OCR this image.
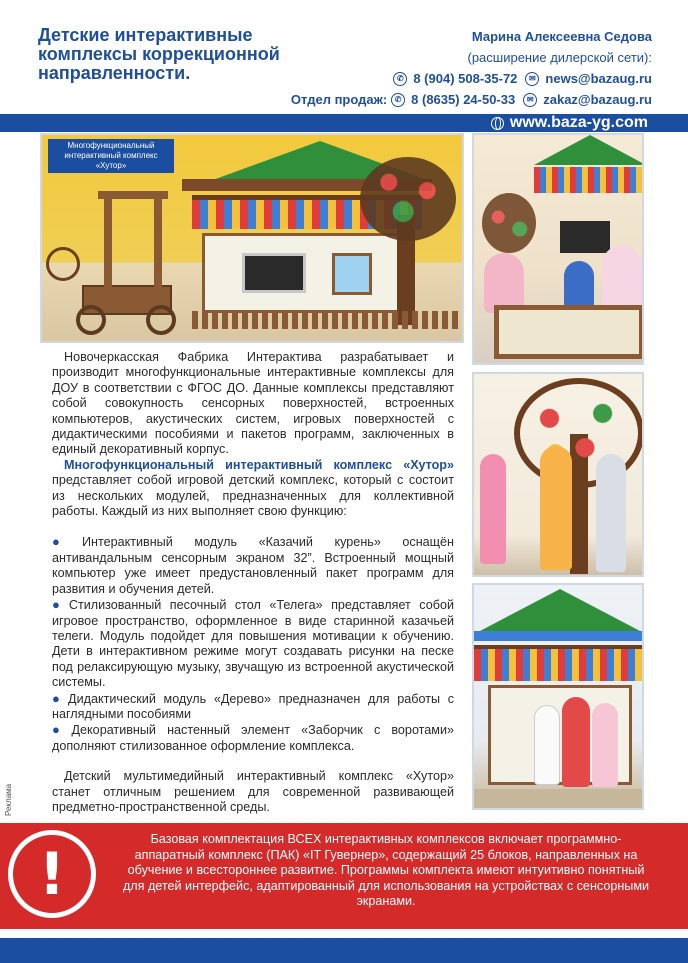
Детские интерактивные комплексы коррекционной направленности.
Марина Алексеевна Седова
(расширение дилерской сети):
✆ 8 (904) 508-35-72	✉ news@bazaug.ru
Отдел продаж: ✆ 8 (8635) 24-50-33	✉ zakaz@bazaug.ru
www.baza-yg.com
Многофункциональный интерактивный комплекс «Хутор»

Новочеркасская Фабрика Интерактива разрабатывает и производит многофункциональные интерактивные комплексы для ДОУ в соответствии с ФГОС ДО. Данные комплексы представляют собой совокупность сенсорных поверхностей, встроенных компьютеров, акустических систем, игровых поверхностей с дидактическими пособиями и пакетов программ, заключенных в единый декоративный корпус.

Многофункциональный интерактивный комплекс «Хутор» представляет собой игровой детский комплекс, который с состоит из нескольких модулей, предназначенных для коллективной работы. Каждый из них выполняет свою функцию:

● Интерактивный модуль «Казачий курень» оснащён антивандальным сенсорным экраном 32”. Встроенный мощный компьютер уже имеет предустановленный пакет программ для развития и обучения детей.

● Стилизованный песочный стол «Телега» представляет собой игровое пространство, оформленное в виде старинной казачьей телеги. Модуль подойдет для повышения мотивации к обучению. Дети в интерактивном режиме могут создавать рисунки на песке под релаксирующую музыку, звучащую из встроенной акустической системы.

● Дидактический модуль «Дерево» предназначен для работы с наглядными пособиями

● Декоративный настенный элемент «Заборчик с воротами» дополняют стилизованное оформление комплекса.

Детский мультимедийный интерактивный комплекс «Хутор» станет отличным решением для современной развивающей предметно-пространственной среды.

Реклама
!
Базовая комплектация ВСЕХ интерактивных комплексов включает программно-аппаратный комплекс (ПАК) «IT Гувернер», содержащий 25 блоков, направленных на обучение и всестороннее развитие. Программы комплекта имеют интуитивно понятный для детей интерфейс, адаптированный для использования на устройствах с сенсорными экранами.
